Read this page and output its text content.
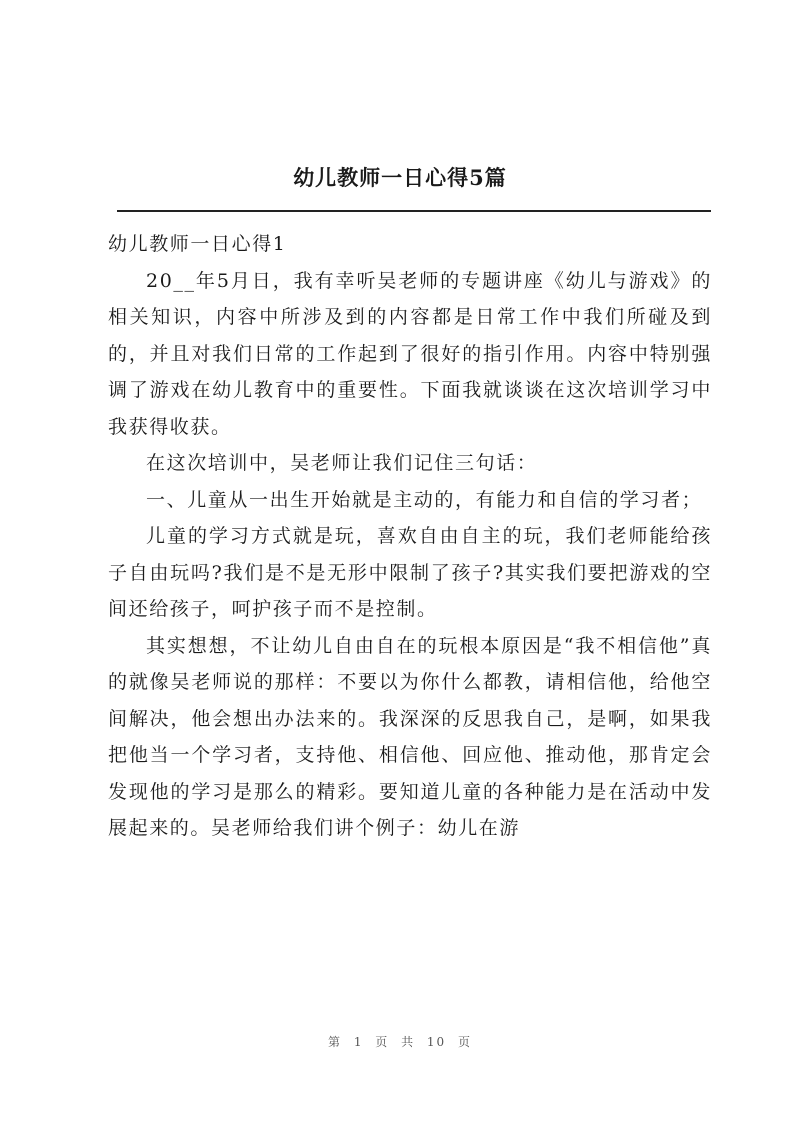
幼儿教师一日心得5篇

幼儿教师一日心得1

20__年5月日，我有幸听吴老师的专题讲座《幼儿与游戏》的相关知识，内容中所涉及到的内容都是日常工作中我们所碰及到的，并且对我们日常的工作起到了很好的指引作用。内容中特别强调了游戏在幼儿教育中的重要性。下面我就谈谈在这次培训学习中我获得收获。

在这次培训中，吴老师让我们记住三句话：

一、儿童从一出生开始就是主动的，有能力和自信的学习者；

儿童的学习方式就是玩，喜欢自由自主的玩，我们老师能给孩子自由玩吗?我们是不是无形中限制了孩子?其实我们要把游戏的空间还给孩子，呵护孩子而不是控制。

其实想想，不让幼儿自由自在的玩根本原因是“我不相信他”真的就像吴老师说的那样：不要以为你什么都教，请相信他，给他空间解决，他会想出办法来的。我深深的反思我自己，是啊，如果我把他当一个学习者，支持他、相信他、回应他、推动他，那肯定会发现他的学习是那么的精彩。要知道儿童的各种能力是在活动中发展起来的。吴老师给我们讲个例子：幼儿在游

第 1 页 共 10 页
